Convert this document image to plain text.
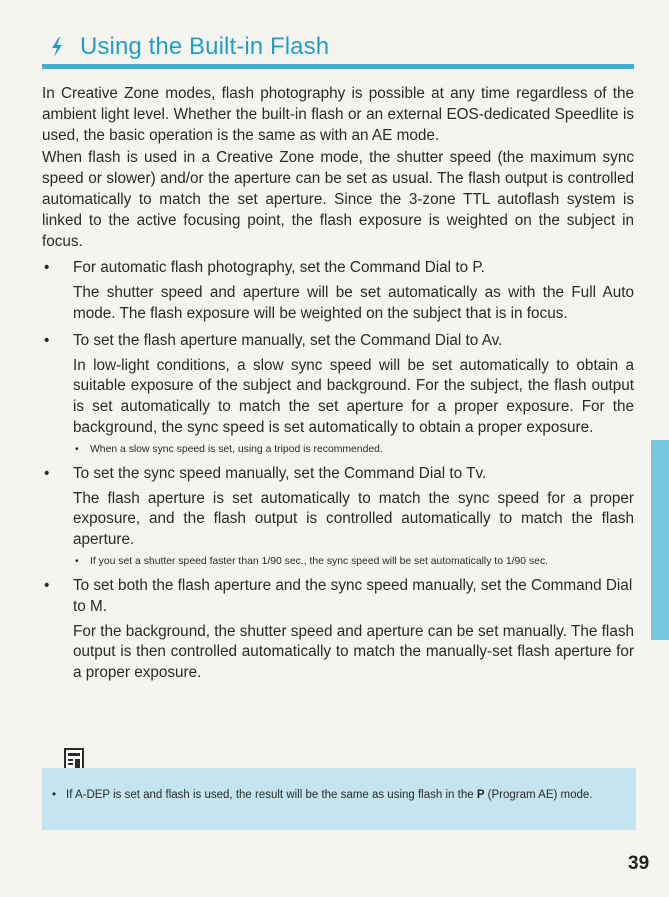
Using the Built-in Flash

In Creative Zone modes, flash photography is possible at any time regardless of the ambient light level. Whether the built-in flash or an external EOS-dedicated Speedlite is used, the basic operation is the same as with an AE mode.

When flash is used in a Creative Zone mode, the shutter speed (the maximum sync speed or slower) and/or the aperture can be set as usual. The flash output is controlled automatically to match the set aperture. Since the 3-zone TTL autoflash system is linked to the active focusing point, the flash exposure is weighted on the subject in focus.

• For automatic flash photography, set the Command Dial to P.

The shutter speed and aperture will be set automatically as with the Full Auto mode. The flash exposure will be weighted on the subject that is in focus.

• To set the flash aperture manually, set the Command Dial to Av.

In low-light conditions, a slow sync speed will be set automatically to obtain a suitable exposure of the subject and background. For the subject, the flash output is set automatically to match the set aperture for a proper exposure. For the background, the sync speed is set automatically to obtain a proper exposure.

• When a slow sync speed is set, using a tripod is recommended.

• To set the sync speed manually, set the Command Dial to Tv.

The flash aperture is set automatically to match the sync speed for a proper exposure, and the flash output is controlled automatically to match the flash aperture.

• If you set a shutter speed faster than 1/90 sec., the sync speed will be set automatically to 1/90 sec.

• To set both the flash aperture and the sync speed manually, set the Command Dial to M.

For the background, the shutter speed and aperture can be set manually. The flash output is then controlled automatically to match the manually-set flash aperture for a proper exposure.

• If A-DEP is set and flash is used, the result will be the same as using flash in the P (Program AE) mode.
39
